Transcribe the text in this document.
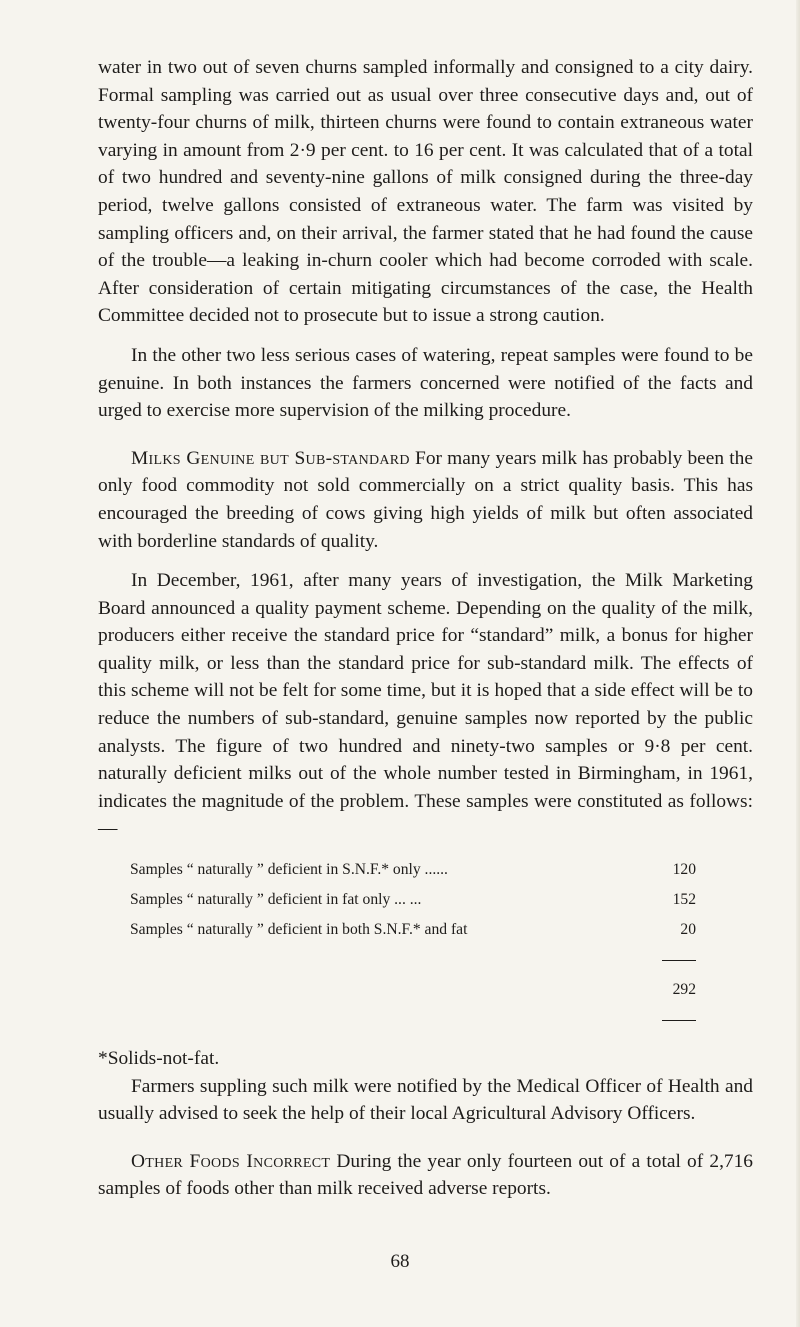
water in two out of seven churns sampled informally and consigned to a city dairy. Formal sampling was carried out as usual over three consecutive days and, out of twenty-four churns of milk, thirteen churns were found to contain extraneous water varying in amount from 2·9 per cent. to 16 per cent. It was calculated that of a total of two hundred and seventy-nine gallons of milk consigned during the three-day period, twelve gallons consisted of extraneous water. The farm was visited by sampling officers and, on their arrival, the farmer stated that he had found the cause of the trouble—a leaking in-churn cooler which had become corroded with scale. After consideration of certain mitigating circumstances of the case, the Health Committee decided not to prosecute but to issue a strong caution.

In the other two less serious cases of watering, repeat samples were found to be genuine. In both instances the farmers concerned were notified of the facts and urged to exercise more supervision of the milking procedure.

Milks Genuine but Sub-standard For many years milk has probably been the only food commodity not sold commercially on a strict quality basis. This has encouraged the breeding of cows giving high yields of milk but often associated with borderline standards of quality.

In December, 1961, after many years of investigation, the Milk Marketing Board announced a quality payment scheme. Depending on the quality of the milk, producers either receive the standard price for “standard” milk, a bonus for higher quality milk, or less than the standard price for sub-standard milk. The effects of this scheme will not be felt for some time, but it is hoped that a side effect will be to reduce the numbers of sub-standard, genuine samples now reported by the public analysts. The figure of two hundred and ninety-two samples or 9·8 per cent. naturally deficient milks out of the whole number tested in Birmingham, in 1961, indicates the magnitude of the problem. These samples were constituted as follows:—

Samples “ naturally ” deficient in S.N.F.* only ......	120
Samples “ naturally ” deficient in fat only ... ...	152
Samples “ naturally ” deficient in both S.N.F.* and fat	20

	292

*Solids-not-fat.

Farmers suppling such milk were notified by the Medical Officer of Health and usually advised to seek the help of their local Agricultural Advisory Officers.

Other Foods Incorrect During the year only fourteen out of a total of 2,716 samples of foods other than milk received adverse reports.

68
